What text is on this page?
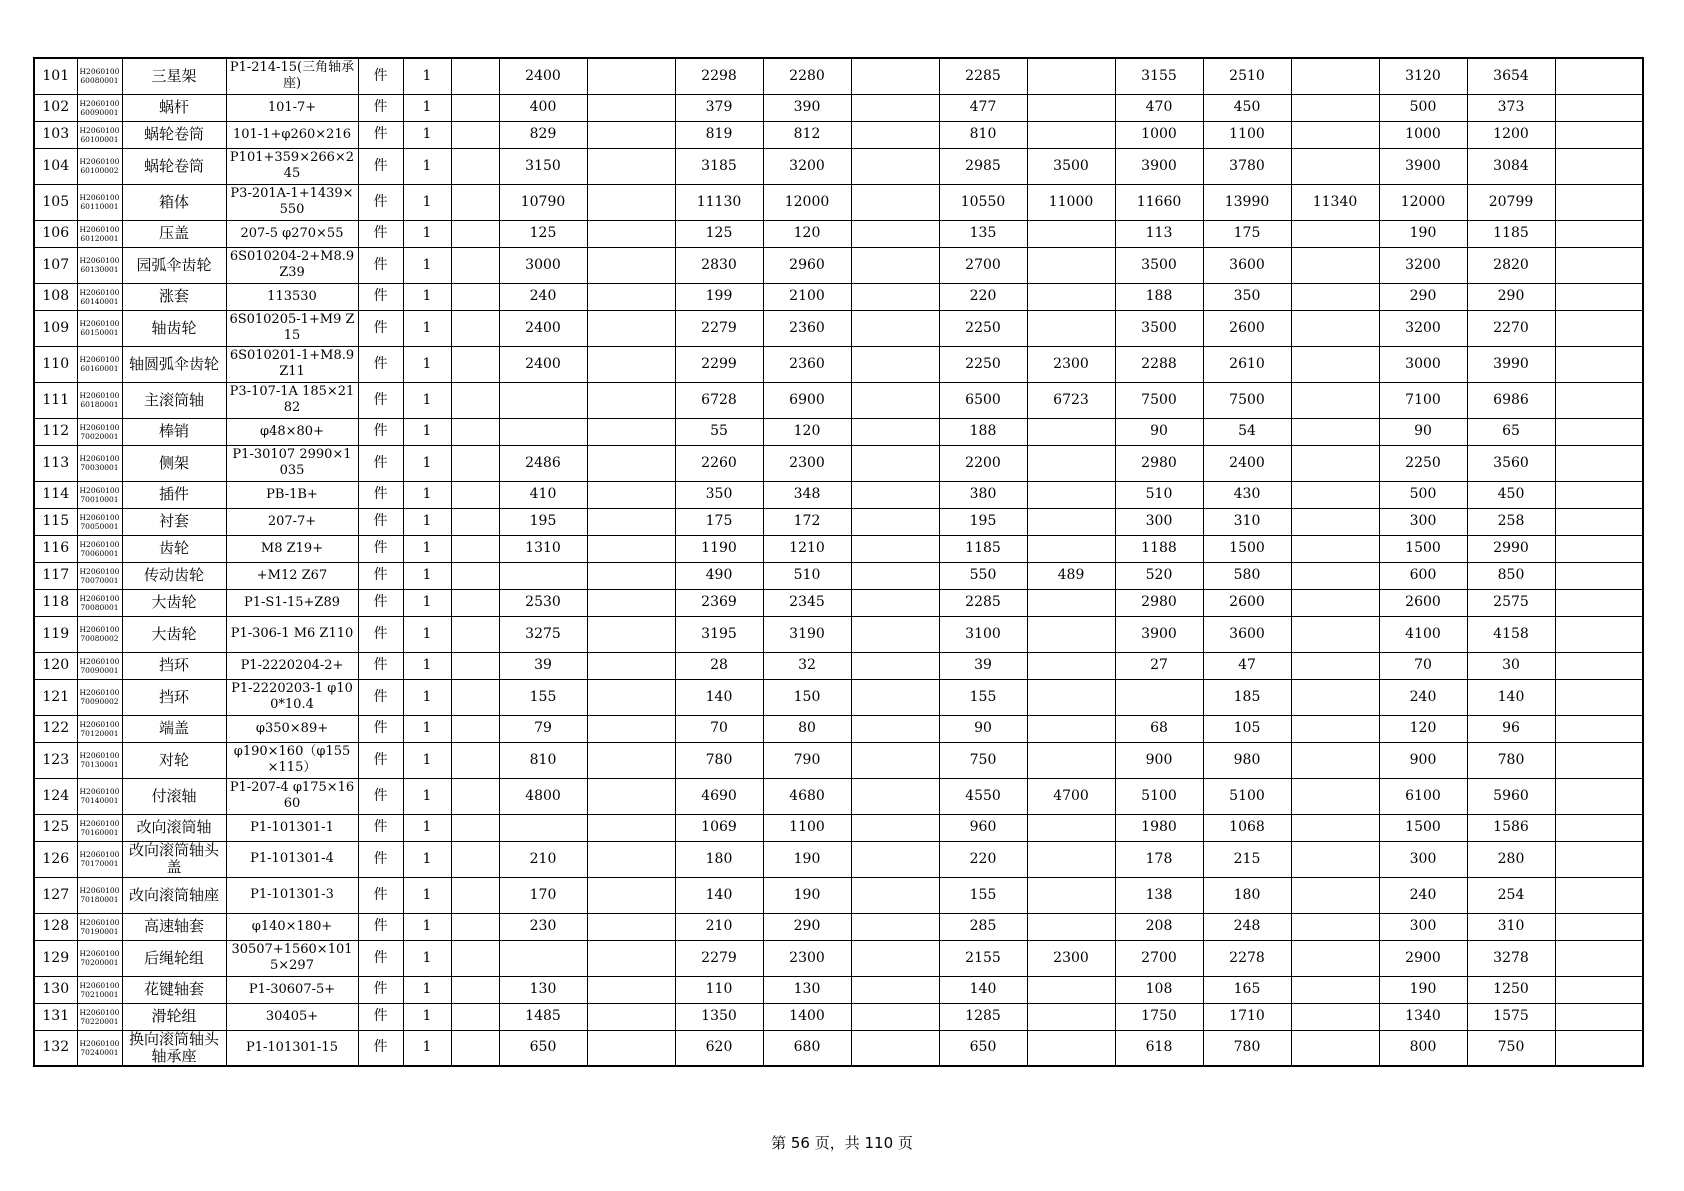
101	H206010060080001	三星架	P1-214-15(三角轴承座)	件	1		2400		2298	2280		2285		3155	2510		3120	3654	
102	H206010060090001	蜗杆	101-7+	件	1		400		379	390		477		470	450		500	373	
103	H206010060100001	蜗轮卷筒	101-1+φ260×216	件	1		829		819	812		810		1000	1100		1000	1200	
104	H206010060100002	蜗轮卷筒	P101+359×266×245	件	1		3150		3185	3200		2985	3500	3900	3780		3900	3084	
105	H206010060110001	箱体	P3-201A-1+1439×550	件	1		10790		11130	12000		10550	11000	11660	13990	11340	12000	20799	
106	H206010060120001	压盖	207-5 φ270×55	件	1		125		125	120		135		113	175		190	1185	
107	H206010060130001	园弧伞齿轮	6S010204-2+M8.9 Z39	件	1		3000		2830	2960		2700		3500	3600		3200	2820	
108	H206010060140001	涨套	113530	件	1		240		199	2100		220		188	350		290	290	
109	H206010060150001	轴齿轮	6S010205-1+M9 Z15	件	1		2400		2279	2360		2250		3500	2600		3200	2270	
110	H206010060160001	轴圆弧伞齿轮	6S010201-1+M8.9 Z11	件	1		2400		2299	2360		2250	2300	2288	2610		3000	3990	
111	H206010060180001	主滚筒轴	P3-107-1A 185×2182	件	1				6728	6900		6500	6723	7500	7500		7100	6986	
112	H206010070020001	棒销	φ48×80+	件	1				55	120		188		90	54		90	65	
113	H206010070030001	侧架	P1-30107 2990×1035	件	1		2486		2260	2300		2200		2980	2400		2250	3560	
114	H206010070010001	插件	PB-1B+	件	1		410		350	348		380		510	430		500	450	
115	H206010070050001	衬套	207-7+	件	1		195		175	172		195		300	310		300	258	
116	H206010070060001	齿轮	M8 Z19+	件	1		1310		1190	1210		1185		1188	1500		1500	2990	
117	H206010070070001	传动齿轮	+M12 Z67	件	1				490	510		550	489	520	580		600	850	
118	H206010070080001	大齿轮	P1-S1-15+Z89	件	1		2530		2369	2345		2285		2980	2600		2600	2575	
119	H206010070080002	大齿轮	P1-306-1 M6 Z110	件	1		3275		3195	3190		3100		3900	3600		4100	4158	
120	H206010070090001	挡环	P1-2220204-2+	件	1		39		28	32		39		27	47		70	30	
121	H206010070090002	挡环	P1-2220203-1 φ100*10.4	件	1		155		140	150		155			185		240	140	
122	H206010070120001	端盖	φ350×89+	件	1		79		70	80		90		68	105		120	96	
123	H206010070130001	对轮	φ190×160（φ155×115）	件	1		810		780	790		750		900	980		900	780	
124	H206010070140001	付滚轴	P1-207-4 φ175×1660	件	1		4800		4690	4680		4550	4700	5100	5100		6100	5960	
125	H206010070160001	改向滚筒轴	P1-101301-1	件	1				1069	1100		960		1980	1068		1500	1586	
126	H206010070170001	改向滚筒轴头盖	P1-101301-4	件	1		210		180	190		220		178	215		300	280	
127	H206010070180001	改向滚筒轴座	P1-101301-3	件	1		170		140	190		155		138	180		240	254	
128	H206010070190001	高速轴套	φ140×180+	件	1		230		210	290		285		208	248		300	310	
129	H206010070200001	后绳轮组	30507+1560×1015×297	件	1				2279	2300		2155	2300	2700	2278		2900	3278	
130	H206010070210001	花键轴套	P1-30607-5+	件	1		130		110	130		140		108	165		190	1250	
131	H206010070220001	滑轮组	30405+	件	1		1485		1350	1400		1285		1750	1710		1340	1575	
132	H206010070240001	换向滚筒轴头轴承座	P1-101301-15	件	1		650		620	680		650		618	780		800	750	
第 56 页，共 110 页
